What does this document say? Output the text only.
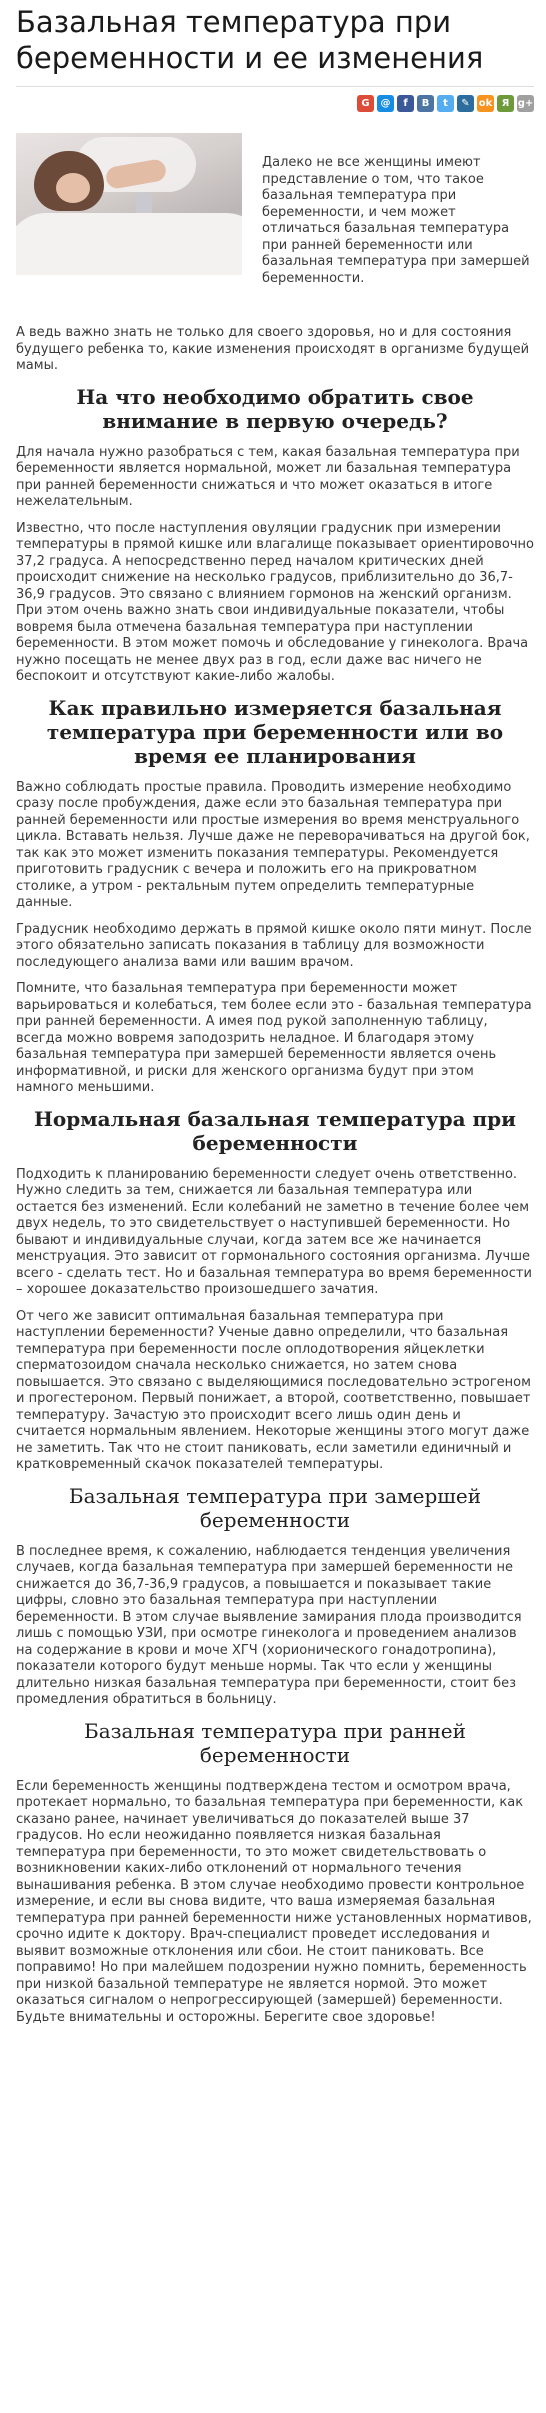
Базальная температура при беременности и ее изменения
G	@	f	B	t	✎ ok Я g+

Далеко не все женщины имеют представление о том, что такое базальная температура при беременности, и чем может отличаться базальная температура при ранней беременности или базальная температура при замершей беременности.

А ведь важно знать не только для своего здоровья, но и для состояния будущего ребенка то, какие изменения происходят в организме будущей мамы.

На что необходимо обратить свое внимание в первую очередь?

Для начала нужно разобраться с тем, какая базальная температура при беременности является нормальной, может ли базальная температура при ранней беременности снижаться и что может оказаться в итоге нежелательным.

Известно, что после наступления овуляции градусник при измерении температуры в прямой кишке или влагалище показывает ориентировочно 37,2 градуса. А непосредственно перед началом критических дней происходит снижение на несколько градусов, приблизительно до 36,7-36,9 градусов. Это связано с влиянием гормонов на женский организм. При этом очень важно знать свои индивидуальные показатели, чтобы вовремя была отмечена базальная температура при наступлении беременности. В этом может помочь и обследование у гинеколога. Врача нужно посещать не менее двух раз в год, если даже вас ничего не беспокоит и отсутствуют какие-либо жалобы.

Как правильно измеряется базальная температура при беременности или во время ее планирования

Важно соблюдать простые правила. Проводить измерение необходимо сразу после пробуждения, даже если это базальная температура при ранней беременности или простые измерения во время менструального цикла. Вставать нельзя. Лучше даже не переворачиваться на другой бок, так как это может изменить показания температуры. Рекомендуется приготовить градусник с вечера и положить его на прикроватном столике, а утром - ректальным путем определить температурные данные.

Градусник необходимо держать в прямой кишке около пяти минут. После этого обязательно записать показания в таблицу для возможности последующего анализа вами или вашим врачом.

Помните, что базальная температура при беременности может варьироваться и колебаться, тем более если это - базальная температура при ранней беременности. А имея под рукой заполненную таблицу, всегда можно вовремя заподозрить неладное. И благодаря этому базальная температура при замершей беременности является очень информативной, и риски для женского организма будут при этом намного меньшими.

Нормальная базальная температура при беременности

Подходить к планированию беременности следует очень ответственно. Нужно следить за тем, снижается ли базальная температура или остается без изменений. Если колебаний не заметно в течение более чем двух недель, то это свидетельствует о наступившей беременности. Но бывают и индивидуальные случаи, когда затем все же начинается менструация. Это зависит от гормонального состояния организма. Лучше всего - сделать тест. Но и базальная температура во время беременности – хорошее доказательство произошедшего зачатия.

От чего же зависит оптимальная базальная температура при наступлении беременности? Ученые давно определили, что базальная температура при беременности после оплодотворения яйцеклетки сперматозоидом сначала несколько снижается, но затем снова повышается. Это связано с выделяющимися последовательно эстрогеном и прогестероном. Первый понижает, а второй, соответственно, повышает температуру. Зачастую это происходит всего лишь один день и считается нормальным явлением. Некоторые женщины этого могут даже не заметить. Так что не стоит паниковать, если заметили единичный и кратковременный скачок показателей температуры.

Базальная температура при замершей беременности

В последнее время, к сожалению, наблюдается тенденция увеличения случаев, когда базальная температура при замершей беременности не снижается до 36,7-36,9 градусов, а повышается и показывает такие цифры, словно это базальная температура при наступлении беременности. В этом случае выявление замирания плода производится лишь с помощью УЗИ, при осмотре гинеколога и проведением анализов на содержание в крови и моче ХГЧ (хорионического гонадотропина), показатели которого будут меньше нормы. Так что если у женщины длительно низкая базальная температура при беременности, стоит без промедления обратиться в больницу.

Базальная температура при ранней беременности

Если беременность женщины подтверждена тестом и осмотром врача, протекает нормально, то базальная температура при беременности, как сказано ранее, начинает увеличиваться до показателей выше 37 градусов. Но если неожиданно появляется низкая базальная температура при беременности, то это может свидетельствовать о возникновении каких-либо отклонений от нормального течения вынашивания ребенка. В этом случае необходимо провести контрольное измерение, и если вы снова видите, что ваша измеряемая базальная температура при ранней беременности ниже установленных нормативов, срочно идите к доктору. Врач-специалист проведет исследования и выявит возможные отклонения или сбои. Не стоит паниковать. Все поправимо! Но при малейшем подозрении нужно помнить, беременность при низкой базальной температуре не является нормой. Это может оказаться сигналом о непрогрессирующей (замершей) беременности. Будьте внимательны и осторожны. Берегите свое здоровье!
